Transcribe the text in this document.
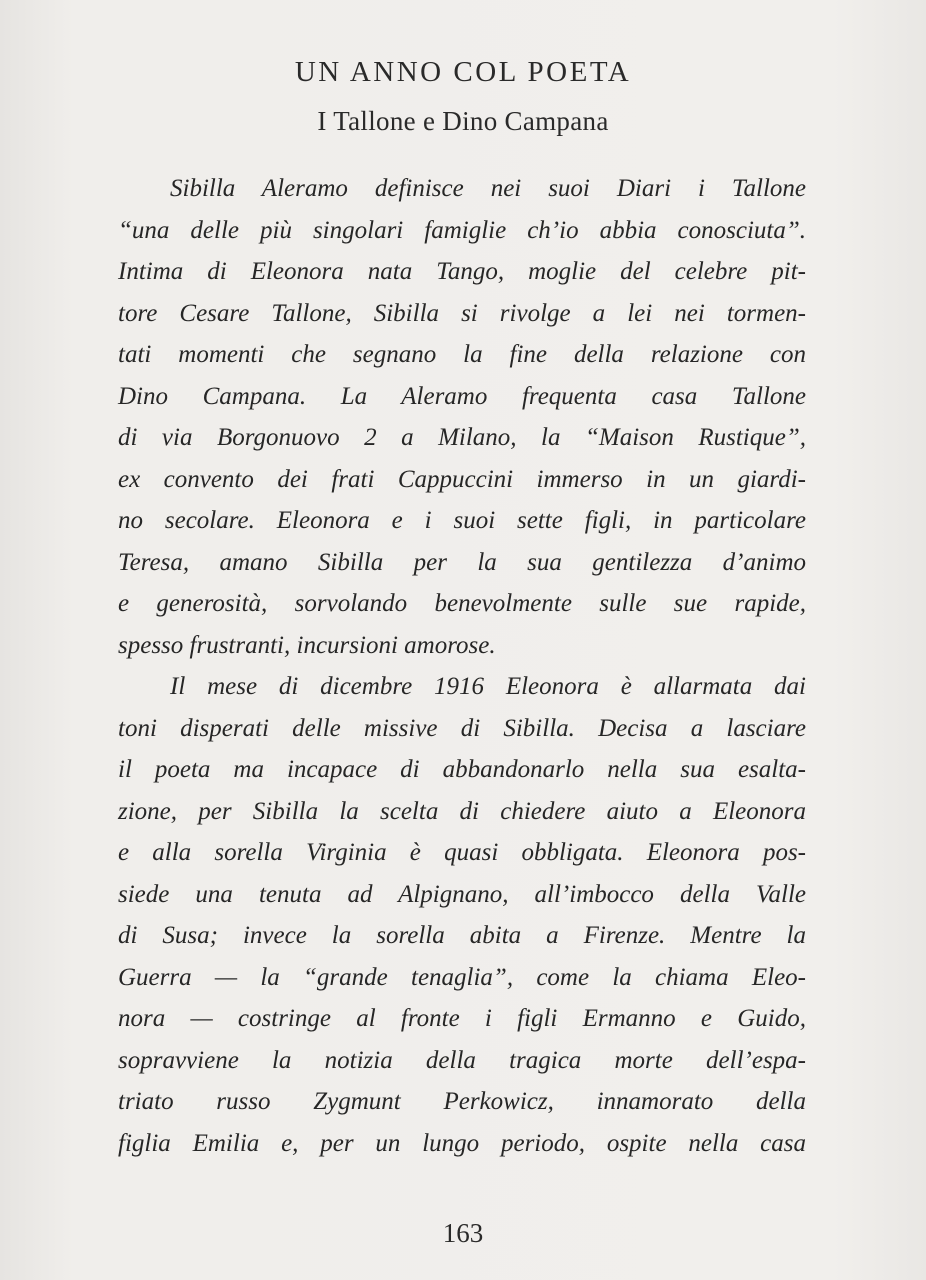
UN ANNO COL POETA
I Tallone e Dino Campana
Sibilla Aleramo definisce nei suoi Diari i Tallone
“una delle più singolari famiglie ch’io abbia conosciuta”.
Intima di Eleonora nata Tango, moglie del celebre pit-
tore Cesare Tallone, Sibilla si rivolge a lei nei tormen-
tati momenti che segnano la fine della relazione con
Dino Campana. La Aleramo frequenta casa Tallone
di via Borgonuovo 2 a Milano, la “Maison Rustique”,
ex convento dei frati Cappuccini immerso in un giardi-
no secolare. Eleonora e i suoi sette figli, in particolare
Teresa, amano Sibilla per la sua gentilezza d’animo
e generosità, sorvolando benevolmente sulle sue rapide,
spesso frustranti, incursioni amorose.
Il mese di dicembre 1916 Eleonora è allarmata dai
toni disperati delle missive di Sibilla. Decisa a lasciare
il poeta ma incapace di abbandonarlo nella sua esalta-
zione, per Sibilla la scelta di chiedere aiuto a Eleonora
e alla sorella Virginia è quasi obbligata. Eleonora pos-
siede una tenuta ad Alpignano, all’imbocco della Valle
di Susa; invece la sorella abita a Firenze. Mentre la
Guerra — la “grande tenaglia”, come la chiama Eleo-
nora — costringe al fronte i figli Ermanno e Guido,
sopravviene la notizia della tragica morte dell’espa-
triato russo Zygmunt Perkowicz, innamorato della
figlia Emilia e, per un lungo periodo, ospite nella casa
163
